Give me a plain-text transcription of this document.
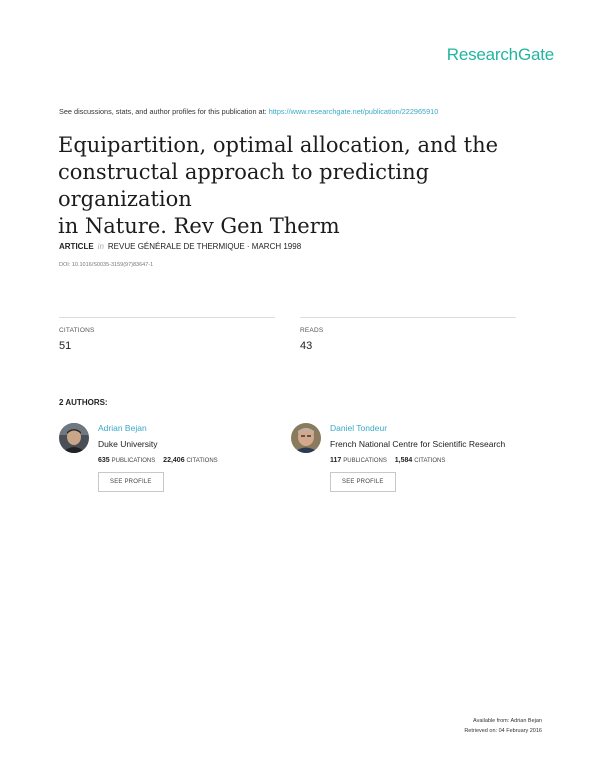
ResearchGate
See discussions, stats, and author profiles for this publication at: https://www.researchgate.net/publication/222965910
Equipartition, optimal allocation, and the
constructal approach to predicting organization
in Nature. Rev Gen Therm
ARTICLE in REVUE GÉNÉRALE DE THERMIQUE · MARCH 1998
DOI: 10.1016/S0035-3159(97)83647-1
CITATIONS
51
READS
43
2 AUTHORS:
Adrian Bejan
Duke University
635 PUBLICATIONS 22,406 CITATIONS
SEE PROFILE
Daniel Tondeur
French National Centre for Scientific Research
117 PUBLICATIONS 1,584 CITATIONS
SEE PROFILE
Available from: Adrian Bejan
Retrieved on: 04 February 2016
